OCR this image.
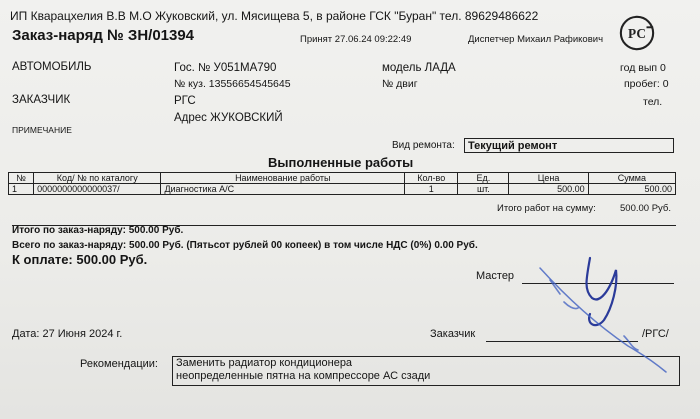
ИП Кварацхелия В.В М.О Жуковский, ул. Мясищева 5, в районе ГСК "Буран" тел. 89629486622
Заказ-наряд № ЗН/01394	Принят 27.06.24 09:22:49	Диспетчер Михаил Рафикович РС
АВТОМОБИЛЬ	Гос. № У051МА790
№ куз. 13556654545645
модель ЛАДА
№ двиг
год вып 0
пробег: 0
ЗАКАЗЧИК	РГС
Адрес ЖУКОВСКИЙ
тел.
ПРИМЕЧАНИЕ
Вид ремонта:	Текущий ремонт
Выполненные работы
№	Код/ № по каталогу	Наименование работы	Кол-во	Ед.	Цена	Сумма
1	0000000000000037/	Диагностика А/С	1	шт.	500.00	500.00
Итого работ на сумму:	500.00 Руб.
Итого по заказ-наряду: 500.00 Руб.
Всего по заказ-наряду: 500.00 Руб. (Пятьсот рублей 00 копеек) в том числе НДС (0%) 0.00 Руб.
К оплате: 500.00 Руб.
Мастер
Дата: 27 Июня 2024 г.	Заказчик	/РГС/
Рекомендации: Заменить радиатор кондиционера
неопределенные пятна на компрессоре АС сзади
